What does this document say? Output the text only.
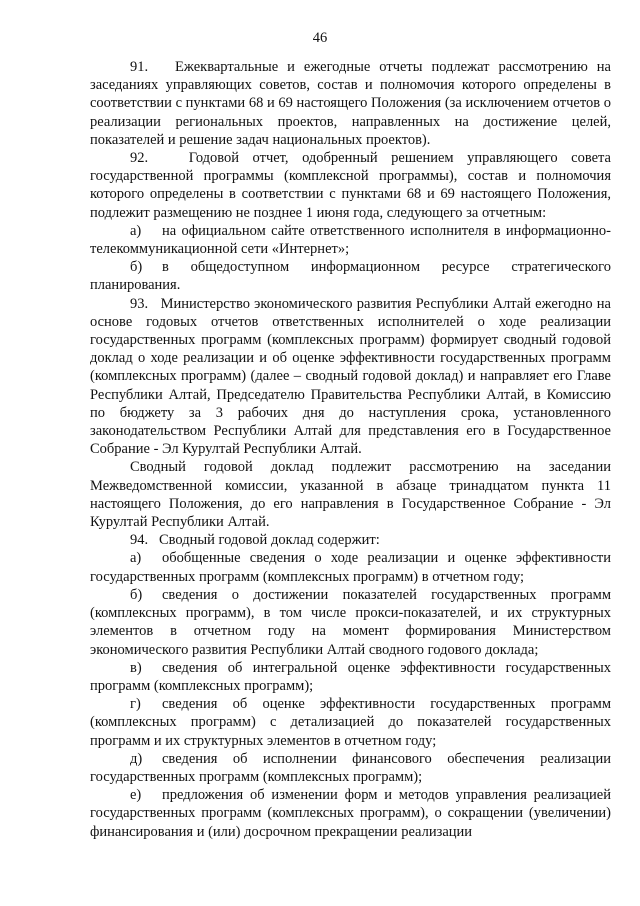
46

91.   Ежеквартальные и ежегодные отчеты подлежат рассмотрению на заседаниях управляющих советов, состав и полномочия которого определены в соответствии с пунктами 68 и 69 настоящего Положения (за исключением отчетов о реализации региональных проектов, направленных на достижение целей, показателей и решение задач национальных проектов).

92.   Годовой отчет, одобренный решением управляющего совета государственной программы (комплексной программы), состав и полномочия которого определены в соответствии с пунктами 68 и 69 настоящего Положения, подлежит размещению не позднее 1 июня года, следующего за отчетным:

а) на официальном сайте ответственного исполнителя в информационно-телекоммуникационной сети «Интернет»;

б) в общедоступном информационном ресурсе стратегического планирования.

93.   Министерство экономического развития Республики Алтай ежегодно на основе годовых отчетов ответственных исполнителей о ходе реализации государственных программ (комплексных программ) формирует сводный годовой доклад о ходе реализации и об оценке эффективности государственных программ (комплексных программ) (далее – сводный годовой доклад) и направляет его Главе Республики Алтай, Председателю Правительства Республики Алтай, в Комиссию по бюджету за 3 рабочих дня до наступления срока, установленного законодательством Республики Алтай для представления его в Государственное Собрание - Эл Курултай Республики Алтай.

Сводный годовой доклад подлежит рассмотрению на заседании Межведомственной комиссии, указанной в абзаце тринадцатом пункта 11 настоящего Положения, до его направления в Государственное Собрание - Эл Курултай Республики Алтай.

94.   Сводный годовой доклад содержит:

а) обобщенные сведения о ходе реализации и оценке эффективности государственных программ (комплексных программ) в отчетном году;

б) сведения о достижении показателей государственных программ (комплексных программ), в том числе прокси-показателей, и их структурных элементов в отчетном году на момент формирования Министерством экономического развития Республики Алтай сводного годового доклада;

в) сведения об интегральной оценке эффективности государственных программ (комплексных программ);

г) сведения об оценке эффективности государственных программ (комплексных программ) с детализацией до показателей государственных программ и их структурных элементов в отчетном году;

д) сведения об исполнении финансового обеспечения реализации государственных программ (комплексных программ);

е) предложения об изменении форм и методов управления реализацией государственных программ (комплексных программ), о сокращении (увеличении) финансирования и (или) досрочном прекращении реализации
